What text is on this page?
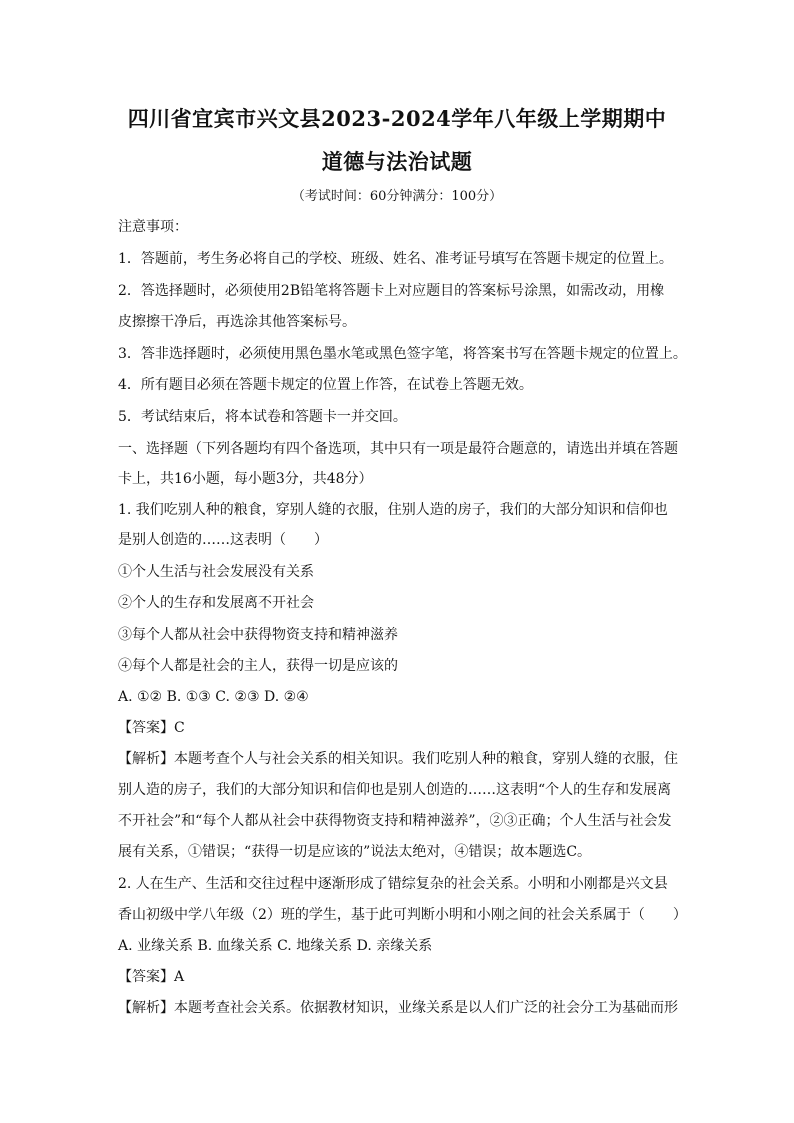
四川省宜宾市兴文县2023-2024学年八年级上学期期中
道德与法治试题
（考试时间：60分钟满分：100分）
注意事项：
1．答题前，考生务必将自己的学校、班级、姓名、准考证号填写在答题卡规定的位置上。
2．答选择题时，必须使用2B铅笔将答题卡上对应题目的答案标号涂黑，如需改动，用橡
皮擦擦干净后，再选涂其他答案标号。
3．答非选择题时，必须使用黑色墨水笔或黑色签字笔，将答案书写在答题卡规定的位置上。
4．所有题目必须在答题卡规定的位置上作答，在试卷上答题无效。
5．考试结束后，将本试卷和答题卡一并交回。
一、选择题（下列各题均有四个备选项，其中只有一项是最符合题意的，请选出并填在答题
卡上，共16小题，每小题3分，共48分）
1. 我们吃别人种的粮食，穿别人缝的衣服，住别人造的房子，我们的大部分知识和信仰也
是别人创造的……这表明（　　）
①个人生活与社会发展没有关系
②个人的生存和发展离不开社会
③每个人都从社会中获得物资支持和精神滋养
④每个人都是社会的主人，获得一切是应该的
A. ①② B. ①③ C. ②③ D. ②④
【答案】C
【解析】本题考查个人与社会关系的相关知识。我们吃别人种的粮食，穿别人缝的衣服，住
别人造的房子，我们的大部分知识和信仰也是别人创造的……这表明“个人的生存和发展离
不开社会”和“每个人都从社会中获得物资支持和精神滋养”，②③正确；个人生活与社会发
展有关系，①错误；“获得一切是应该的”说法太绝对，④错误；故本题选C。
2. 人在生产、生活和交往过程中逐渐形成了错综复杂的社会关系。小明和小刚都是兴文县
香山初级中学八年级（2）班的学生，基于此可判断小明和小刚之间的社会关系属于（　　）
A. 业缘关系 B. 血缘关系 C. 地缘关系 D. 亲缘关系
【答案】A
【解析】本题考查社会关系。依据教材知识，业缘关系是以人们广泛的社会分工为基础而形
